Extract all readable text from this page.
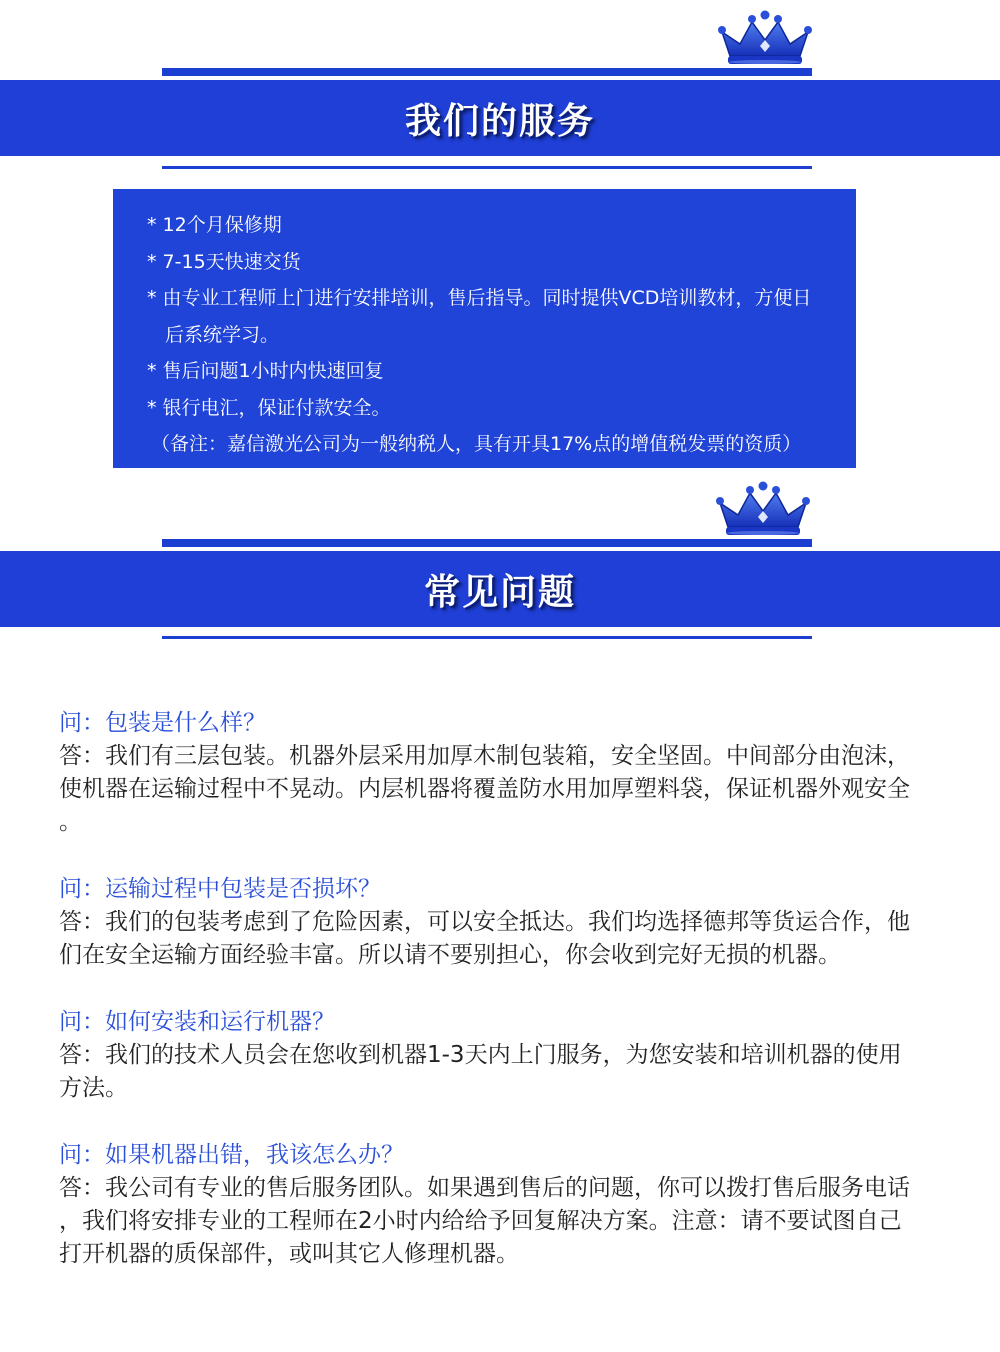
我们的服务
* 12个月保修期
* 7-15天快速交货
* 由专业工程师上门进行安排培训，售后指导。同时提供VCD培训教材，方便日
后系统学习。
* 售后问题1小时内快速回复
* 银行电汇，保证付款安全。
（备注：嘉信激光公司为一般纳税人，具有开具17%点的增值税发票的资质）
常见问题

问：包装是什么样？

答：我们有三层包装。机器外层采用加厚木制包装箱，安全坚固。中间部分由泡沫，

使机器在运输过程中不晃动。内层机器将覆盖防水用加厚塑料袋，保证机器外观安全

。

问：运输过程中包装是否损坏？

答：我们的包装考虑到了危险因素，可以安全抵达。我们均选择德邦等货运合作，他

们在安全运输方面经验丰富。所以请不要别担心，你会收到完好无损的机器。

问：如何安装和运行机器？

答：我们的技术人员会在您收到机器1-3天内上门服务，为您安装和培训机器的使用

方法。

问：如果机器出错，我该怎么办？

答：我公司有专业的售后服务团队。如果遇到售后的问题，你可以拨打售后服务电话

，我们将安排专业的工程师在2小时内给给予回复解决方案。注意：请不要试图自己

打开机器的质保部件，或叫其它人修理机器。
